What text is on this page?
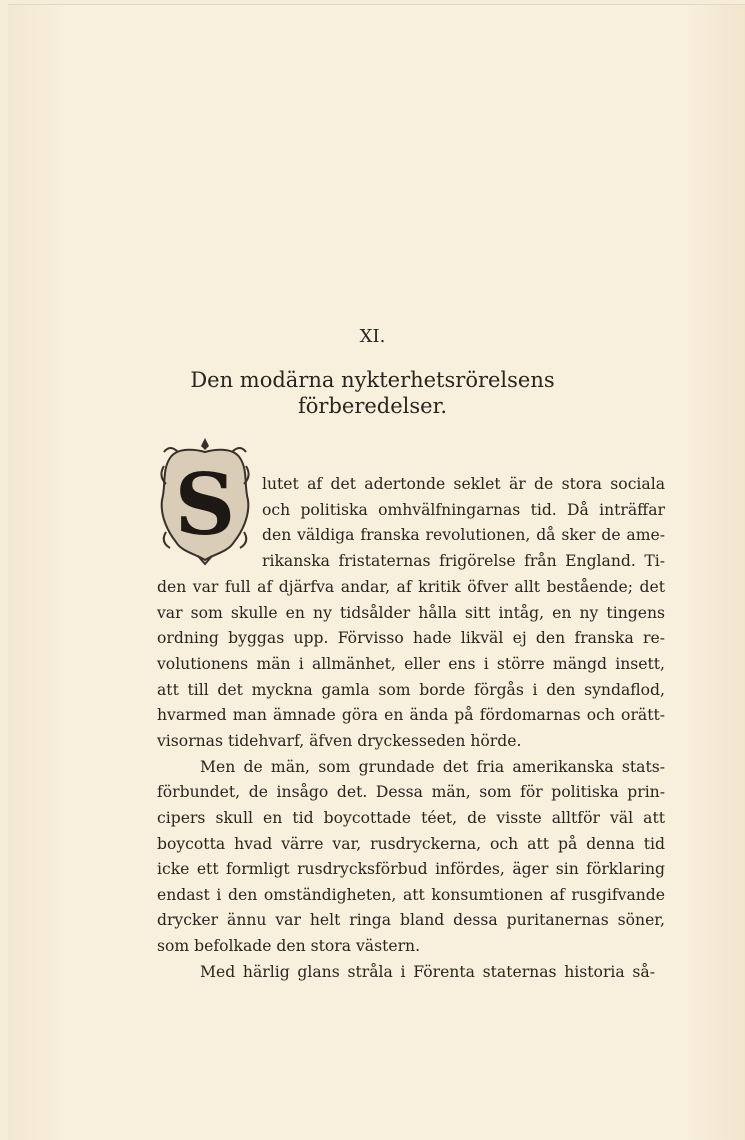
XI.
Den modärna nykterhetsrörelsens
förberedelser.
S lutet af det adertonde seklet är de stora sociala
och politiska omhvälfningarnas tid. Då inträffar
den väldiga franska revolutionen, då sker de ame-
rikanska fristaternas frigörelse från England. Ti-
den var full af djärfva andar, af kritik öfver allt bestående; det
var som skulle en ny tidsålder hålla sitt intåg, en ny tingens
ordning byggas upp. Förvisso hade likväl ej den franska re-
volutionens män i allmänhet, eller ens i större mängd insett,
att till det myckna gamla som borde förgås i den syndaflod,
hvarmed man ämnade göra en ända på fördomarnas och orätt-
visornas tidehvarf, äfven dryckesseden hörde.
Men de män, som grundade det fria amerikanska stats-
förbundet, de insågo det. Dessa män, som för politiska prin-
cipers skull en tid boycottade téet, de visste alltför väl att
boycotta hvad värre var, rusdryckerna, och att på denna tid
icke ett formligt rusdrycksförbud infördes, äger sin förklaring
endast i den omständigheten, att konsumtionen af rusgifvande
drycker ännu var helt ringa bland dessa puritanernas söner,
som befolkade den stora västern.
Med härlig glans stråla i Förenta staternas historia så-
